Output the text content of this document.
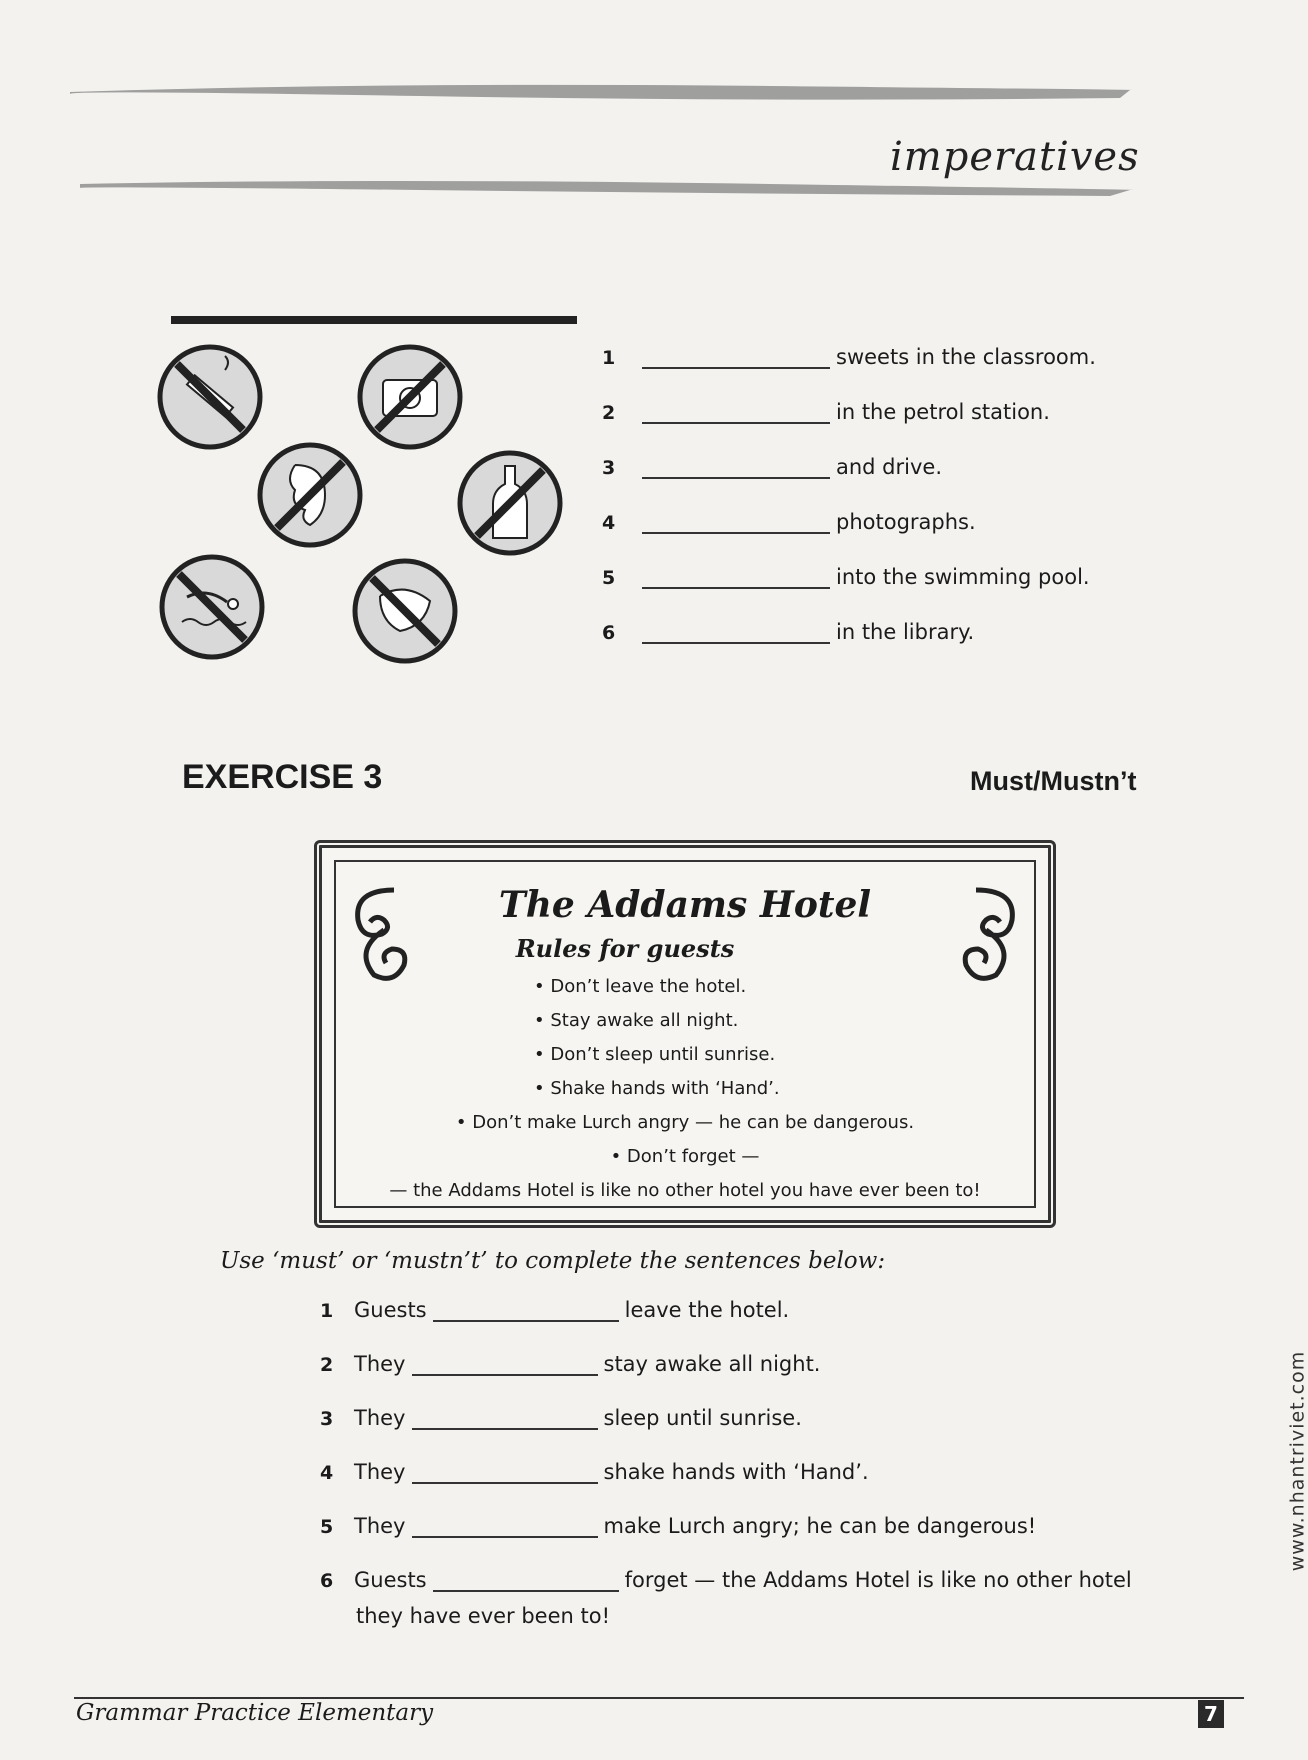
imperatives
1	sweets in the classroom.
2	in the petrol station.
3	and drive.
4	photographs.
5	into the swimming pool.
6	in the library.
EXERCISE 3	Must/Mustn’t
The Addams Hotel
Rules for guests
• Don’t leave the hotel.
• Stay awake all night.
• Don’t sleep until sunrise.
• Shake hands with ‘Hand’.
• Don’t make Lurch angry — he can be dangerous.
• Don’t forget —
— the Addams Hotel is like no other hotel you have ever been to!
Use ‘must’ or ‘mustn’t’ to complete the sentences below:
1 Guests	leave the hotel.
2 They	stay awake all night.
3 They	sleep until sunrise.
4 They	shake hands with ‘Hand’.
5 They	make Lurch angry; he can be dangerous!
6 Guests	forget — the Addams Hotel is like no other hotel
they have ever been to!
www.nhantriviet.com
Grammar Practice Elementary	7
